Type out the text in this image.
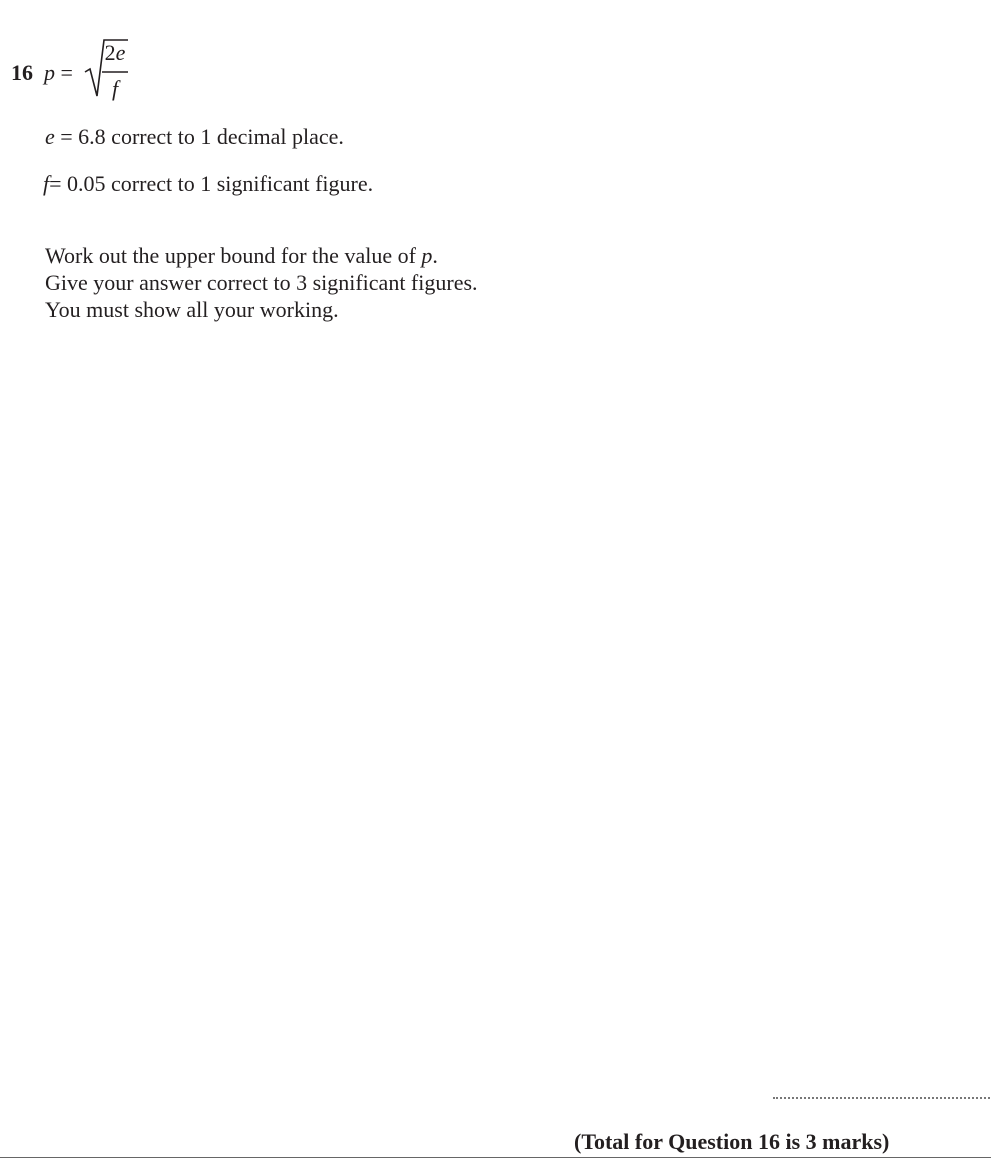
16 p =
2e
f
e = 6.8 correct to 1 decimal place.
f= 0.05 correct to 1 significant figure.
Work out the upper bound for the value of p.
Give your answer correct to 3 significant figures.
You must show all your working.
(Total for Question 16 is 3 marks)
